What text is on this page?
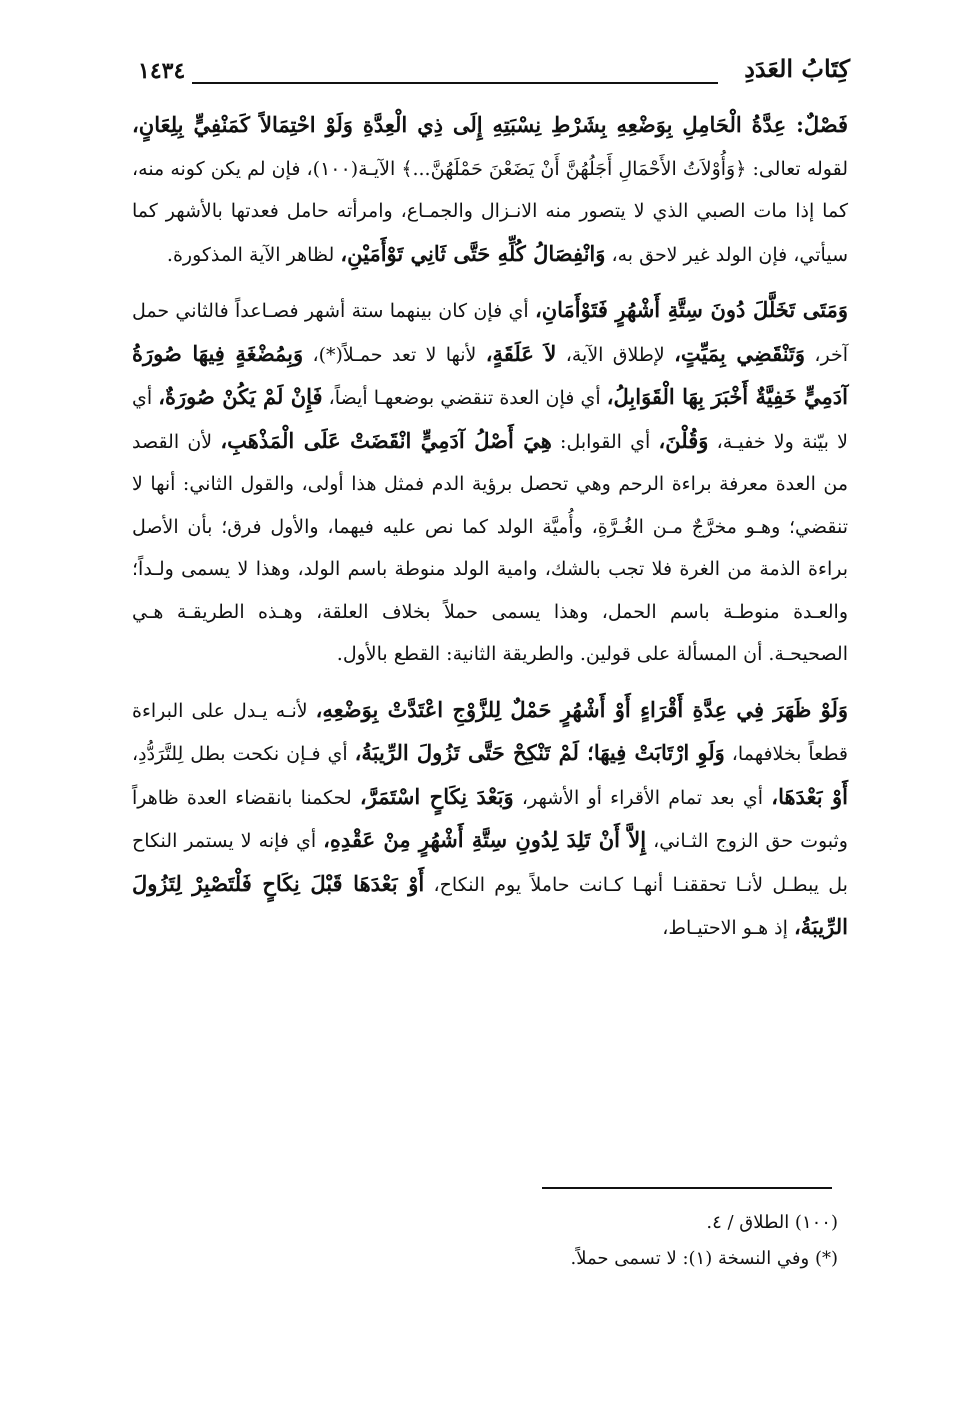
١٤٣٤	كِتَابُ العَدَدِ

فَصْلٌ: عِدَّةُ الْحَامِلِ بِوَضْعِهِ بِشَرْطِ نِسْبَتِهِ إِلَى ذِي الْعِدَّةِ وَلَوْ احْتِمَالاً كَمَنْفِيٍّ بِلِعَانٍ، لقوله تعالى: ﴿وَأُوْلاَتُ الأَحْمَالِ أَجَلُهُنَّ أَنْ يَضَعْنَ حَمْلَهُنَّ...﴾ الآيـة(١٠٠)، فإن لم يكن كونه منه، كما إذا مات الصبي الذي لا يتصور منه الانـزال والجمـاع، وامرأته حامل فعدتها بالأشهر كما سيأتي، فإن الولد غير لاحق به، وَانْفِصَالُ كُلِّهِ حَتَّى ثَانِي تَوْأَمَيْنِ، لظاهر الآية المذكورة.

وَمَتَى تَخَلَّلَ دُونَ سِتَّةِ أَشْهُرٍ فَتَوْأَمَانِ، أي فإن كان بينهما ستة أشهر فصـاعداً فالثاني حمل آخر، وَتَنْقَضِي بِمَيِّتٍ، لإطلاق الآية، لاَ عَلَقَةٍ، لأنها لا تعد حمـلاً(*)، وَبِمُضْغَةٍ فِيهَا صُورَةُ آدَمِيٍّ خَفِيَّةٌ أَخْبَرَ بِهَا الْقَوَابِلُ، أي فإن العدة تنقضي بوضعهـا أيضاً، فَإِنْ لَمْ يَكُنْ صُورَةٌ، أي لا بيّنة ولا خفيـة، وَقُلْنَ، أي القوابل: هِيَ أَصْلُ آدَمِيٍّ انْقَضَتْ عَلَى الْمَذْهَبِ، لأن القصد من العدة معرفة براءة الرحم وهي تحصل برؤية الدم فمثل هذا أولى، والقول الثاني: أنها لا تنقضي؛ وهـو مخرَّجٌ مـن الغُـرَّةِ، وأُميَّة الولد كما نص عليه فيهما، والأول فرق؛ بأن الأصل براءة الذمة من الغرة فلا تجب بالشك، وامية الولد منوطة باسم الولد، وهذا لا يسمى ولـداً؛ والعـدة منوطـة باسم الحمل، وهذا يسمى حملاً بخلاف العلقة، وهـذه الطريقـة هـي الصحيحـة. أن المسألة على قولين. والطريقة الثانية: القطع بالأول.

وَلَوْ ظَهَرَ فِي عِدَّةِ أَقْرَاءٍ أَوْ أَشْهُرٍ حَمْلٌ لِلزَّوْجِ اعْتَدَّتْ بِوَضْعِهِ، لأنـه يـدل على البراءة قطعاً بخلافهما، وَلَوِ ارْتَابَتْ فِيهَا؛ لَمْ تَنْكِحْ حَتَّى تَزُولَ الرِّيبَةُ، أي فـإن نكحت بطل لِلتَّرَدُّدِ، أَوْ بَعْدَهَا، أي بعد تمام الأقراء أو الأشهر، وَبَعْدَ نِكَاحٍ اسْتَمَرَّ، لحكمنا بانقضاء العدة ظاهراً وثبوت حق الزوج الثـاني، إِلاَّ أَنْ تَلِدَ لِدُونِ سِتَّةِ أَشْهُرٍ مِنْ عَقْدِهِ، أي فإنه لا يستمر النكاح بل يبطـل لأنـا تحققنـا أنهـا كـانت حاملاً يوم النكاح، أَوْ بَعْدَهَا قَبْلَ نِكَاحٍ فَلْتَصْبِرْ لِتَزُولَ الرِّيبَةُ، إذ هـو الاحتيـاط،

(١٠٠) الطلاق / ٤.
(*) وفي النسخة (١): لا تسمى حملاً.
